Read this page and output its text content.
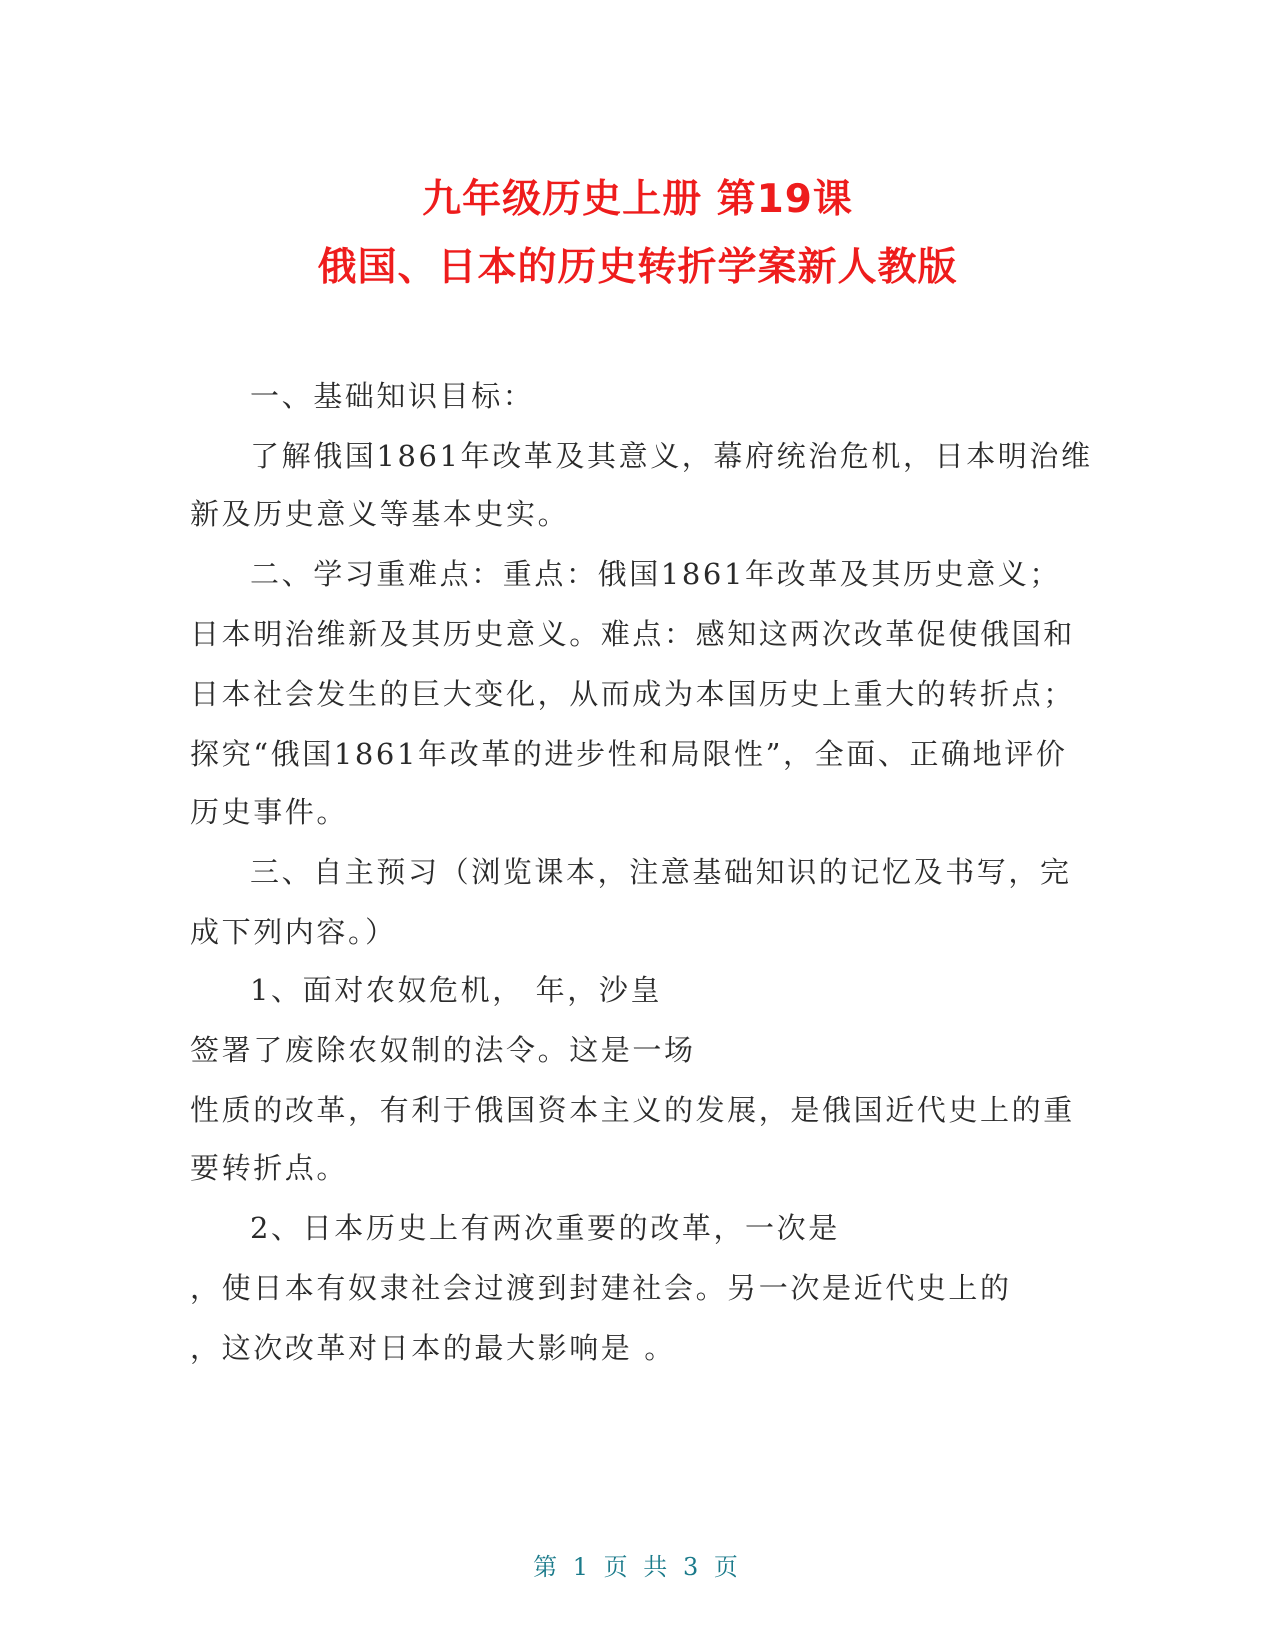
九年级历史上册 第19课
俄国、日本的历史转折学案新人教版
一、基础知识目标：
了解俄国1861年改革及其意义，幕府统治危机，日本明治维
新及历史意义等基本史实。
二、学习重难点：重点：俄国1861年改革及其历史意义；
日本明治维新及其历史意义。难点：感知这两次改革促使俄国和
日本社会发生的巨大变化，从而成为本国历史上重大的转折点；
探究“俄国1861年改革的进步性和局限性”，全面、正确地评价
历史事件。
三、自主预习（浏览课本，注意基础知识的记忆及书写，完
成下列内容。）
1、面对农奴危机， 年，沙皇
签署了废除农奴制的法令。这是一场
性质的改革，有利于俄国资本主义的发展，是俄国近代史上的重
要转折点。
2、日本历史上有两次重要的改革，一次是
，使日本有奴隶社会过渡到封建社会。另一次是近代史上的
，这次改革对日本的最大影响是 。
第 1 页 共 3 页
